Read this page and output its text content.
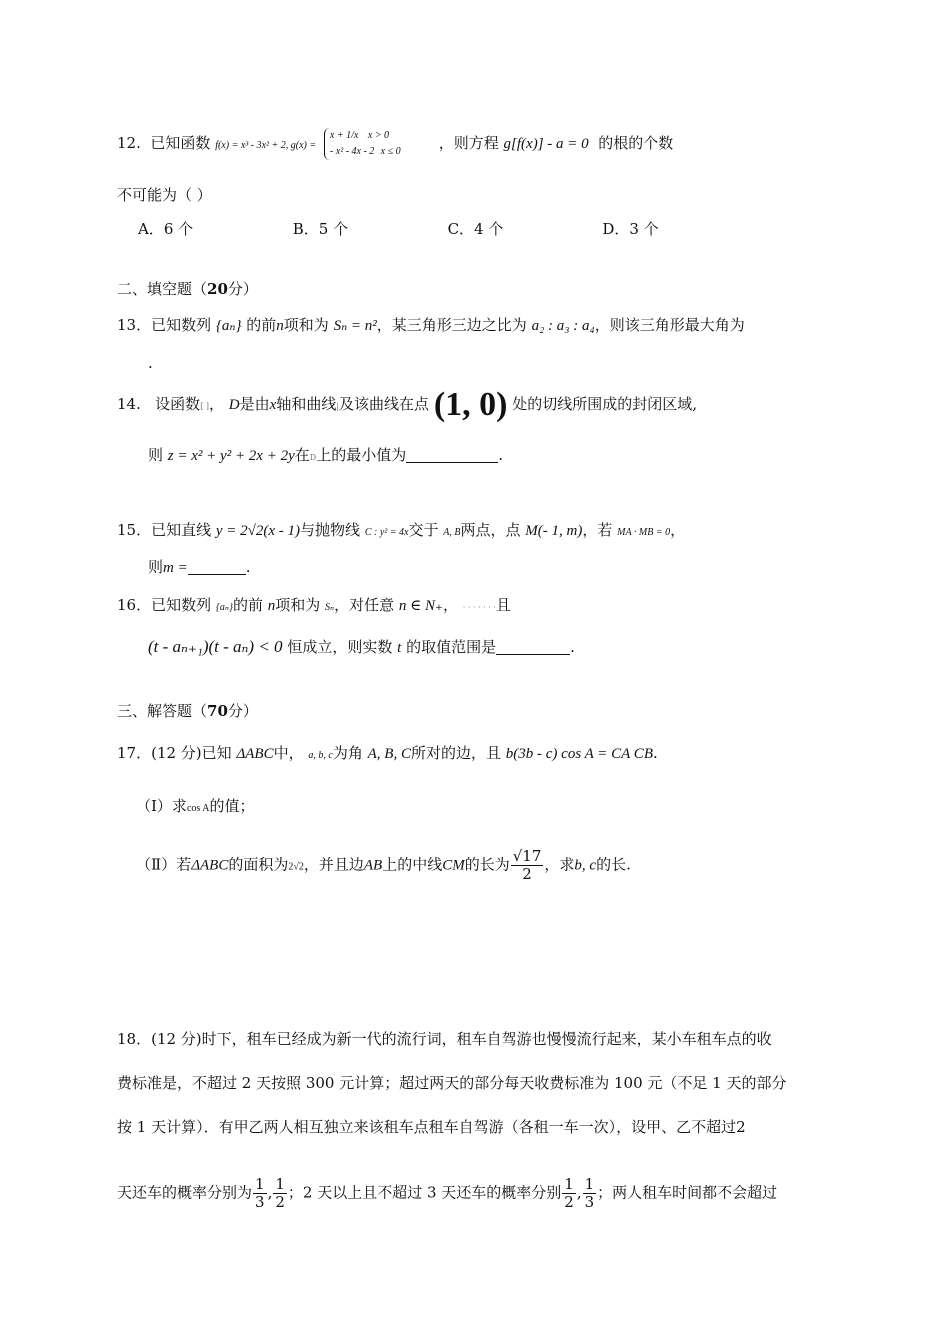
12. 已知函数 f(x) = x³ - 3x² + 2, g(x) = x + 1/x x > 0
- x² - 4x - 2 x ≤ 0	，则方程 g[f(x)] - a = 0 的根的个数
不可能为（ ）
A．6 个	B．5 个	C．4 个	D．3 个
二、填空题（20分）
13．已知数列 {aₙ} 的前n项和为 Sₙ = n²，某三角形三边之比为 a₂ : a₃ : a₄，则该三角形最大角为
.
14. 设函数[ ]， D是由x轴和曲线|及该曲线在点 (1, 0) 处的切线所围成的封闭区域,
则 z = x² + y² + 2x + 2y在D上的最小值为	.
15．已知直线 y = 2√2(x - 1)与抛物线 C : y² = 4x交于 A, B两点，点 M(- 1, m)，若 MA · MB = 0，
则m =	.
16．已知数列 {aₙ}的前 n项和为 Sₙ，对任意 n ∈ N₊， · · · · · · ·且
(t - aₙ₊₁)(t - aₙ) < 0 恒成立，则实数 t 的取值范围是	.
三、解答题（70分）
17．(12 分)已知 ΔABC中， a, b, c为角 A, B, C所对的边，且 b(3b - c) cos A = CA CB.
（Ⅰ）求cos A的值；
（Ⅱ）若ΔABC的面积为2√2，并且边AB上的中线CM的长为 $\frac{√17}{2}$ ，求b, c的长.
18．(12 分)时下，租车已经成为新一代的流行词，租车自驾游也慢慢流行起来，某小车租车点的收
费标准是，不超过 2 天按照 300 元计算；超过两天的部分每天收费标准为 100 元（不足 1 天的部分
按 1 天计算）．有甲乙两人相互独立来该租车点租车自驾游（各租一车一次），设甲、乙不超过2
天还车的概率分别为 $\frac{1}{3}$ , $\frac{1}{2}$ ；2 天以上且不超过 3 天还车的概率分别 $\frac{1}{2}$ , $\frac{1}{3}$ ；两人租车时间都不会超过
